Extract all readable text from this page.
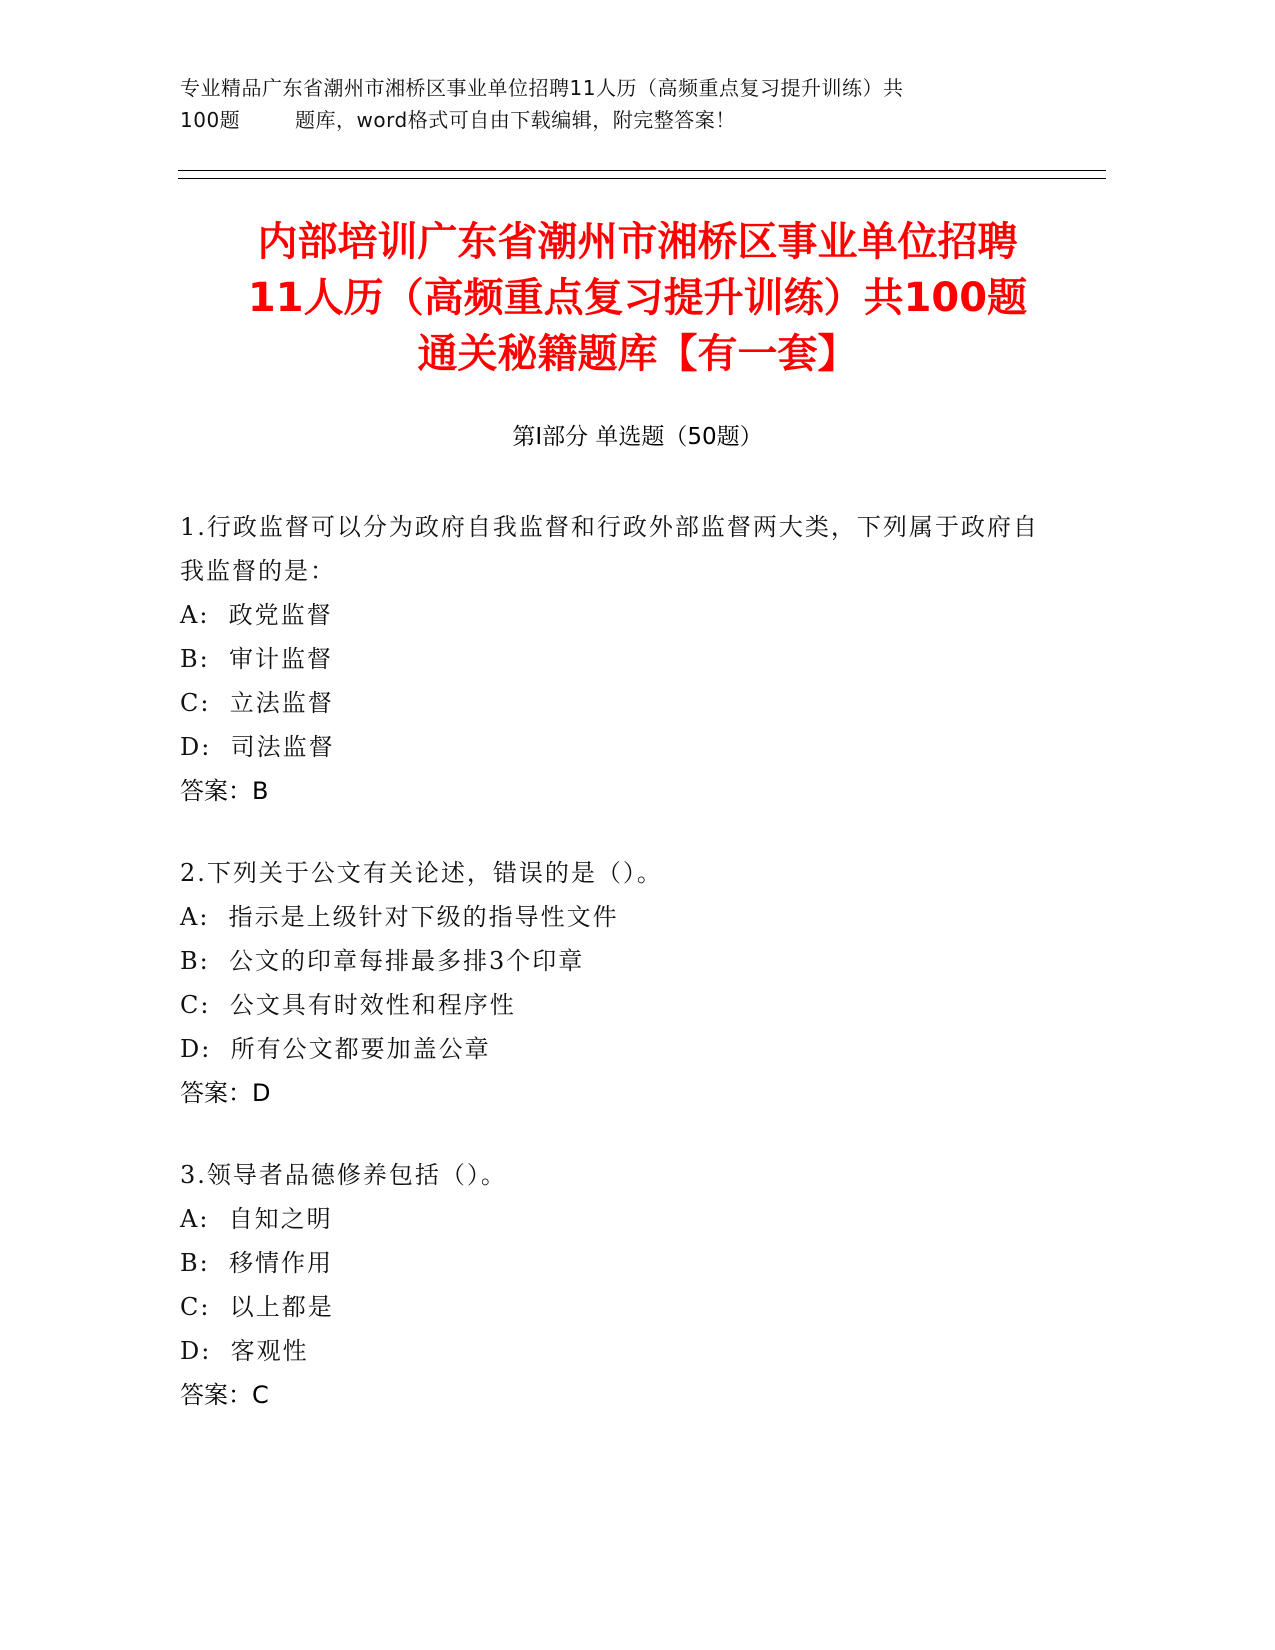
专业精品广东省潮州市湘桥区事业单位招聘11人历（高频重点复习提升训练）共
100题        题库，word格式可自由下载编辑，附完整答案！
内部培训广东省潮州市湘桥区事业单位招聘
11人历（高频重点复习提升训练）共100题
通关秘籍题库【有一套】
第Ⅰ部分 单选题（50题）
1.行政监督可以分为政府自我监督和行政外部监督两大类，下列属于政府自我监督的是：
A:  政党监督
B:  审计监督
C:  立法监督
D:  司法监督
答案：B
2.下列关于公文有关论述，错误的是（）。
A:  指示是上级针对下级的指导性文件
B:  公文的印章每排最多排3个印章
C:  公文具有时效性和程序性
D:  所有公文都要加盖公章
答案：D
3.领导者品德修养包括（）。
A:  自知之明
B:  移情作用
C:  以上都是
D:  客观性
答案：C
